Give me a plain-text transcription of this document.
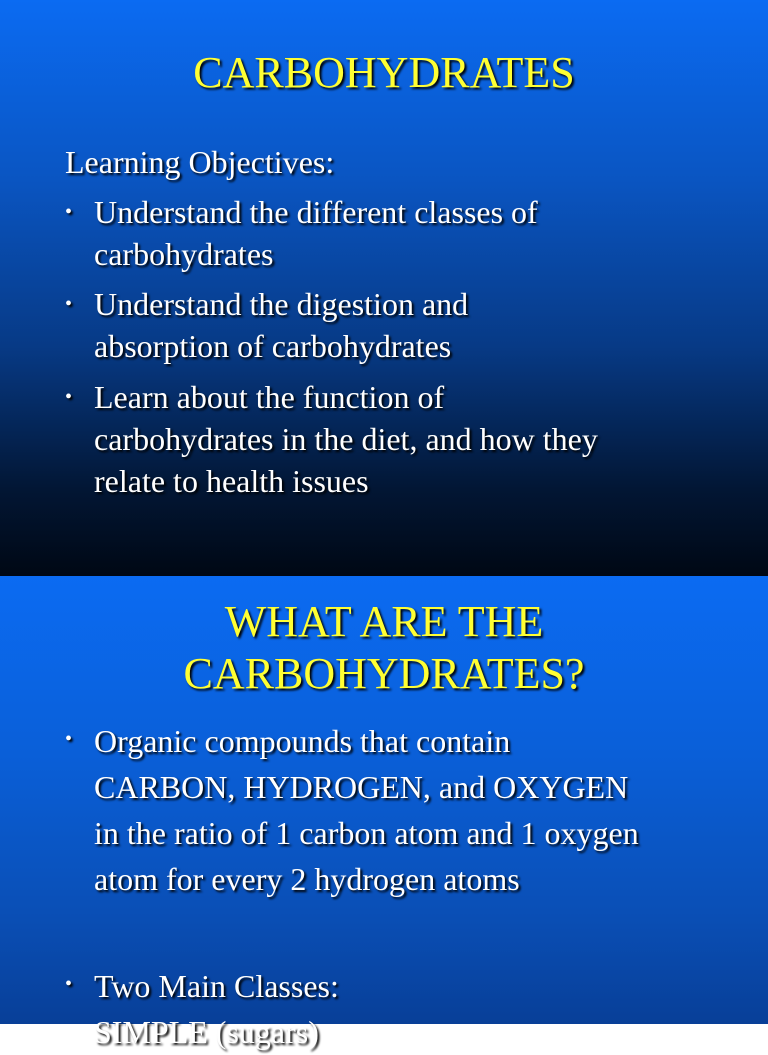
CARBOHYDRATES
Learning Objectives:
• Understand the different classes of
carbohydrates
• Understand the digestion and
absorption of carbohydrates
• Learn about the function of
carbohydrates in the diet, and how they
relate to health issues
WHAT ARE THE
CARBOHYDRATES?
• Organic compounds that contain
CARBON, HYDROGEN, and OXYGEN
in the ratio of 1 carbon atom and 1 oxygen
atom for every 2 hydrogen atoms
• Two Main Classes:
SIMPLE (sugars)
